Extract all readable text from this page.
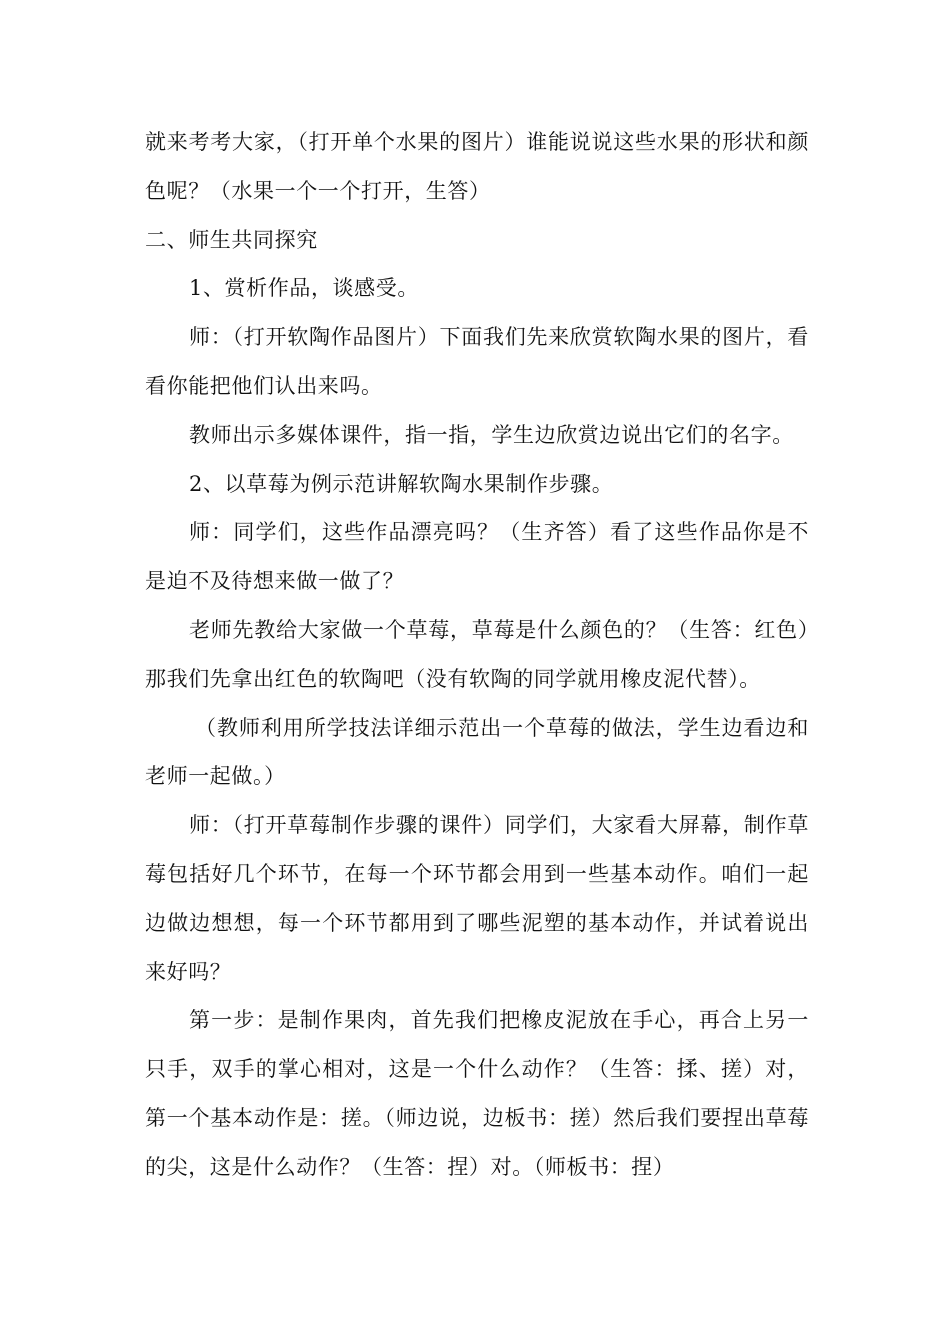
就来考考大家，（打开单个水果的图片）谁能说说这些水果的形状和颜色呢？（水果一个一个打开，生答）

二、师生共同探究

1、赏析作品，谈感受。

师：（打开软陶作品图片）下面我们先来欣赏软陶水果的图片，看看你能把他们认出来吗。

教师出示多媒体课件，指一指，学生边欣赏边说出它们的名字。

2、以草莓为例示范讲解软陶水果制作步骤。

师：同学们，这些作品漂亮吗？（生齐答）看了这些作品你是不是迫不及待想来做一做了？

老师先教给大家做一个草莓，草莓是什么颜色的？（生答：红色）那我们先拿出红色的软陶吧（没有软陶的同学就用橡皮泥代替）。

（教师利用所学技法详细示范出一个草莓的做法，学生边看边和老师一起做。）

师：（打开草莓制作步骤的课件）同学们，大家看大屏幕，制作草莓包括好几个环节，在每一个环节都会用到一些基本动作。咱们一起边做边想想，每一个环节都用到了哪些泥塑的基本动作，并试着说出来好吗？

第一步：是制作果肉，首先我们把橡皮泥放在手心，再合上另一只手，双手的掌心相对，这是一个什么动作？（生答：揉、搓）对，第一个基本动作是：搓。（师边说，边板书：搓）然后我们要捏出草莓的尖，这是什么动作？（生答：捏）对。（师板书：捏）
